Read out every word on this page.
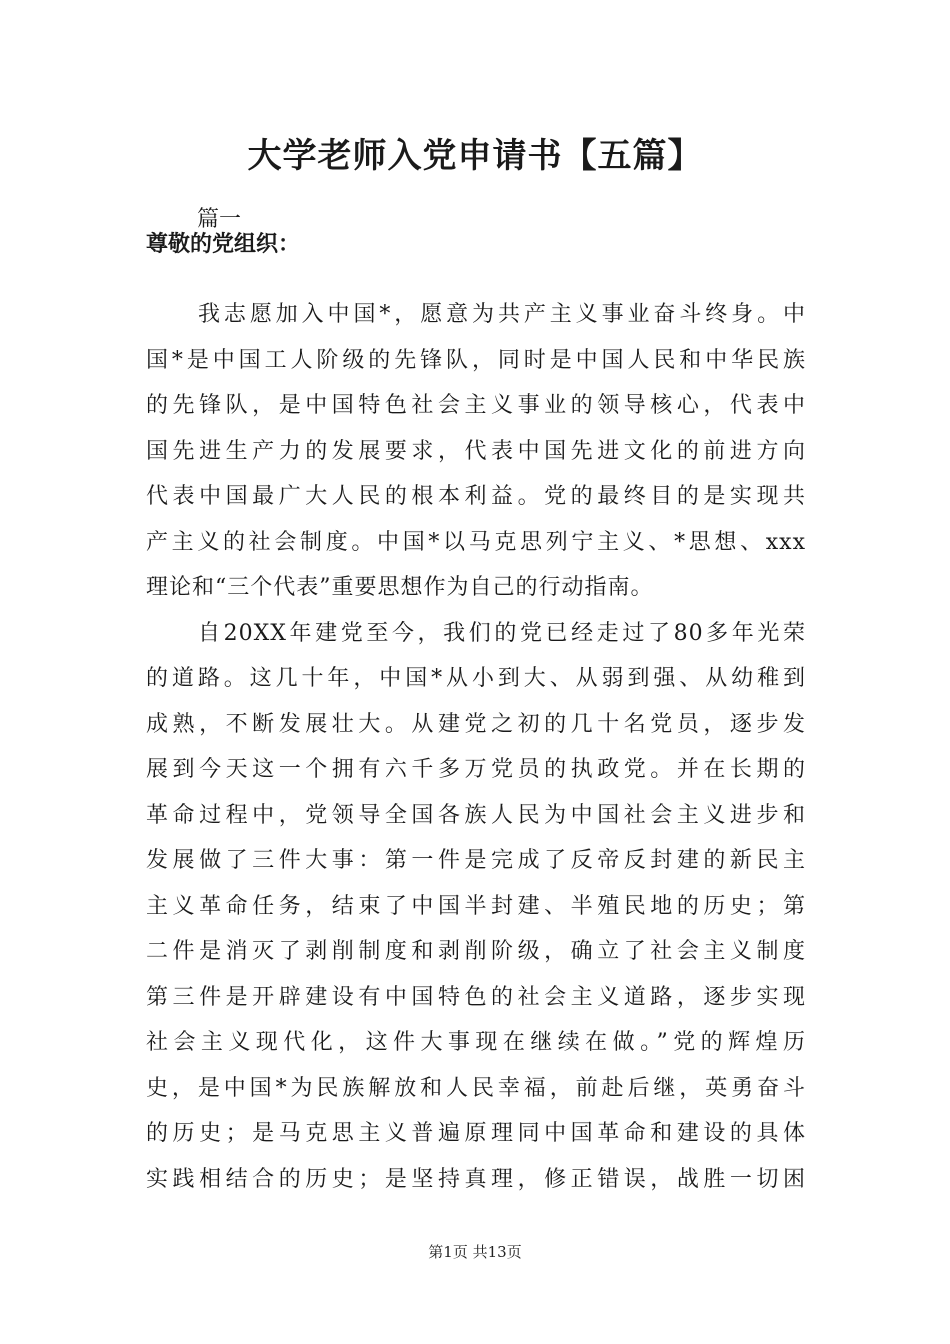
大学老师入党申请书【五篇】
篇一
尊敬的党组织：

我志愿加入中国*，愿意为共产主义事业奋斗终身。中
国*是中国工人阶级的先锋队，同时是中国人民和中华民族
的先锋队，是中国特色社会主义事业的领导核心，代表中
国先进生产力的发展要求，代表中国先进文化的前进方向
代表中国最广大人民的根本利益。党的最终目的是实现共
产主义的社会制度。中国*以马克思列宁主义、*思想、xxx
理论和“三个代表”重要思想作为自己的行动指南。

自20XX年建党至今，我们的党已经走过了80多年光荣
的道路。这几十年，中国*从小到大、从弱到强、从幼稚到
成熟，不断发展壮大。从建党之初的几十名党员，逐步发
展到今天这一个拥有六千多万党员的执政党。并在长期的
革命过程中，党领导全国各族人民为中国社会主义进步和
发展做了三件大事：第一件是完成了反帝反封建的新民主
主义革命任务，结束了中国半封建、半殖民地的历史；第
二件是消灭了剥削制度和剥削阶级，确立了社会主义制度
第三件是开辟建设有中国特色的社会主义道路，逐步实现
社会主义现代化，这件大事现在继续在做。”党的辉煌历
史，是中国*为民族解放和人民幸福，前赴后继，英勇奋斗
的历史；是马克思主义普遍原理同中国革命和建设的具体
实践相结合的历史；是坚持真理，修正错误，战胜一切困

第1页 共13页
